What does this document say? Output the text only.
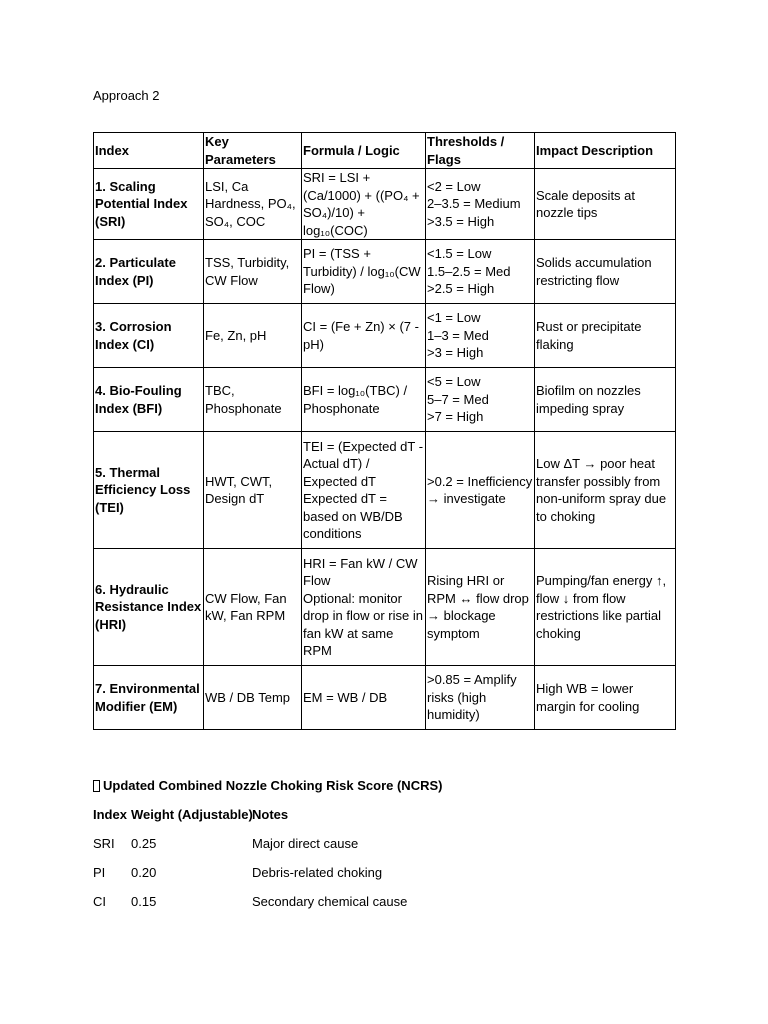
Approach 2
Index	Key Parameters	Formula / Logic	Thresholds / Flags	Impact Description
1. Scaling Potential Index (SRI)	LSI, Ca Hardness, PO₄, SO₄, COC	SRI = LSI + (Ca/1000) + ((PO₄ + SO₄)/10) + log₁₀(COC)	<2 = Low
2–3.5 = Medium
>3.5 = High	Scale deposits at nozzle tips
2. Particulate Index (PI)	TSS, Turbidity, CW Flow	PI = (TSS + Turbidity) / log₁₀(CW Flow)	<1.5 = Low
1.5–2.5 = Med
>2.5 = High	Solids accumulation restricting flow
3. Corrosion Index (CI)	Fe, Zn, pH	CI = (Fe + Zn) × (7 - pH)	<1 = Low
1–3 = Med
>3 = High	Rust or precipitate flaking
4. Bio-Fouling Index (BFI)	TBC, Phosphonate	BFI = log₁₀(TBC) / Phosphonate	<5 = Low
5–7 = Med
>7 = High	Biofilm on nozzles impeding spray
5. Thermal Efficiency Loss (TEI)	HWT, CWT, Design dT	TEI = (Expected dT - Actual dT) / Expected dT
Expected dT = based on WB/DB conditions	>0.2 = Inefficiency → investigate	Low ΔT → poor heat transfer possibly from non-uniform spray due to choking
6. Hydraulic Resistance Index (HRI)	CW Flow, Fan kW, Fan RPM	HRI = Fan kW / CW Flow
Optional: monitor drop in flow or rise in fan kW at same RPM	Rising HRI or RPM ↔ flow drop → blockage symptom	Pumping/fan energy ↑, flow ↓ from flow restrictions like partial choking
7. Environmental Modifier (EM)	WB / DB Temp	EM = WB / DB	>0.85 = Amplify risks (high humidity)	High WB = lower margin for cooling
Updated Combined Nozzle Choking Risk Score (NCRS)
Index Weight (Adjustable) Notes
SRI 0.25	Major direct cause
PI 0.20	Debris-related choking
CI 0.15	Secondary chemical cause
